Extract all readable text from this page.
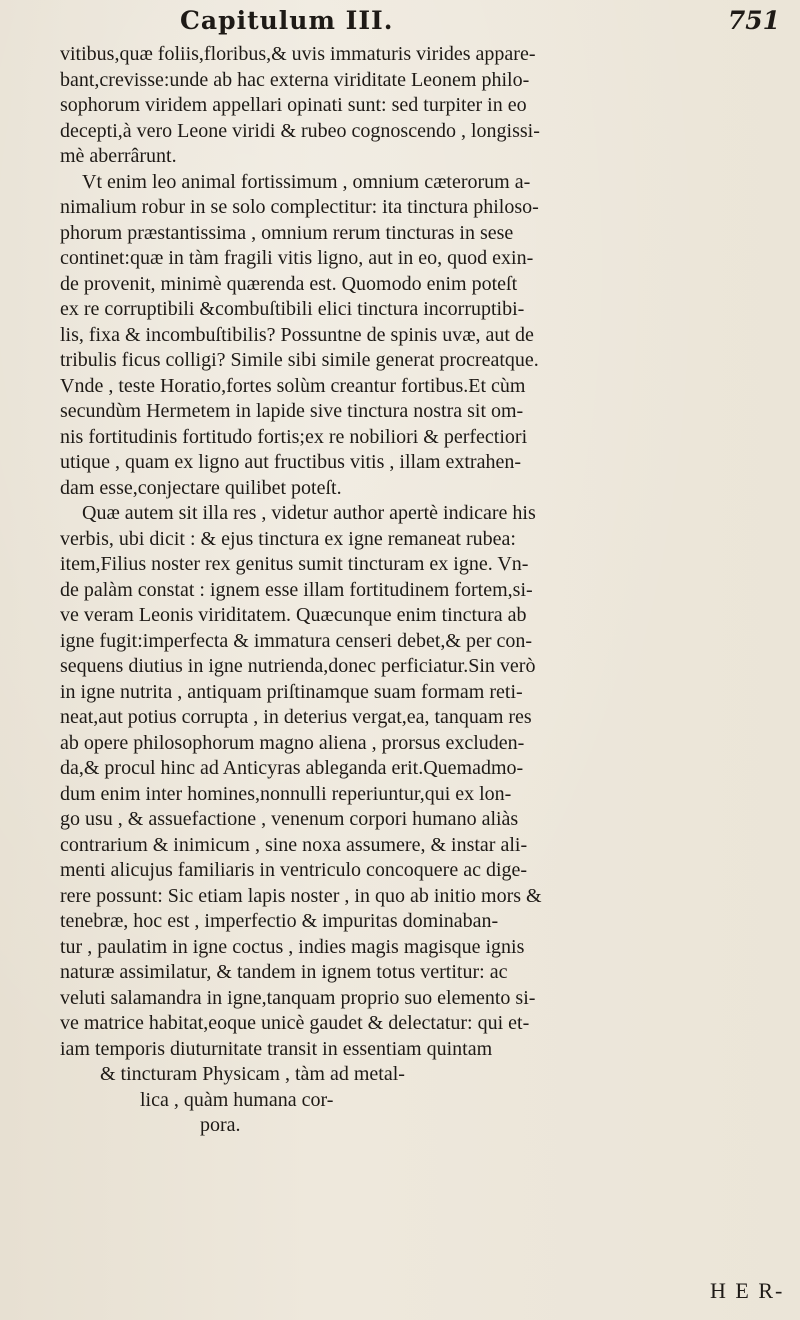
Capitulum III.	751
vitibus,quæ foliis,floribus,& uvis immaturis virides appare-
bant,crevisse:unde ab hac externa viriditate Leonem philo-
sophorum viridem appellari opinati sunt: sed turpiter in eo
decepti,à vero Leone viridi & rubeo cognoscendo , longissi-
mè aberrârunt.
Vt enim leo animal fortissimum , omnium cæterorum a-
nimalium robur in se solo complectitur: ita tinctura philoso-
phorum præstantissima , omnium rerum tincturas in sese
continet:quæ in tàm fragili vitis ligno, aut in eo, quod exin-
de provenit, minimè quærenda est. Quomodo enim poteſt
ex re corruptibili &combuſtibili elici tinctura incorruptibi-
lis, fixa & incombuſtibilis? Possuntne de spinis uvæ, aut de
tribulis ficus colligi? Simile sibi simile generat procreatque.
Vnde , teste Horatio,fortes solùm creantur fortibus.Et cùm
secundùm Hermetem in lapide sive tinctura nostra sit om-
nis fortitudinis fortitudo fortis;ex re nobiliori & perfectiori
utique , quam ex ligno aut fructibus vitis , illam extrahen-
dam esse,conjectare quilibet poteſt.
Quæ autem sit illa res , videtur author apertè indicare his
verbis, ubi dicit : & ejus tinctura ex igne remaneat rubea:
item,Filius noster rex genitus sumit tincturam ex igne. Vn-
de palàm constat : ignem esse illam fortitudinem fortem,si-
ve veram Leonis viriditatem. Quæcunque enim tinctura ab
igne fugit:imperfecta & immatura censeri debet,& per con-
sequens diutius in igne nutrienda,donec perficiatur.Sin verò
in igne nutrita , antiquam priſtinamque suam formam reti-
neat,aut potius corrupta , in deterius vergat,ea, tanquam res
ab opere philosophorum magno aliena , prorsus excluden-
da,& procul hinc ad Anticyras ableganda erit.Quemadmo-
dum enim inter homines,nonnulli reperiuntur,qui ex lon-
go usu , & assuefactione , venenum corpori humano aliàs
contrarium & inimicum , sine noxa assumere, & instar ali-
menti alicujus familiaris in ventriculo concoquere ac dige-
rere possunt: Sic etiam lapis noster , in quo ab initio mors &
tenebræ, hoc est , imperfectio & impuritas dominaban-
tur , paulatim in igne coctus , indies magis magisque ignis
naturæ assimilatur, & tandem in ignem totus vertitur: ac
veluti salamandra in igne,tanquam proprio suo elemento si-
ve matrice habitat,eoque unicè gaudet & delectatur: qui et-
iam temporis diuturnitate transit in essentiam quintam
& tincturam Physicam , tàm ad metal-
lica , quàm humana cor-
pora.
H E R-
